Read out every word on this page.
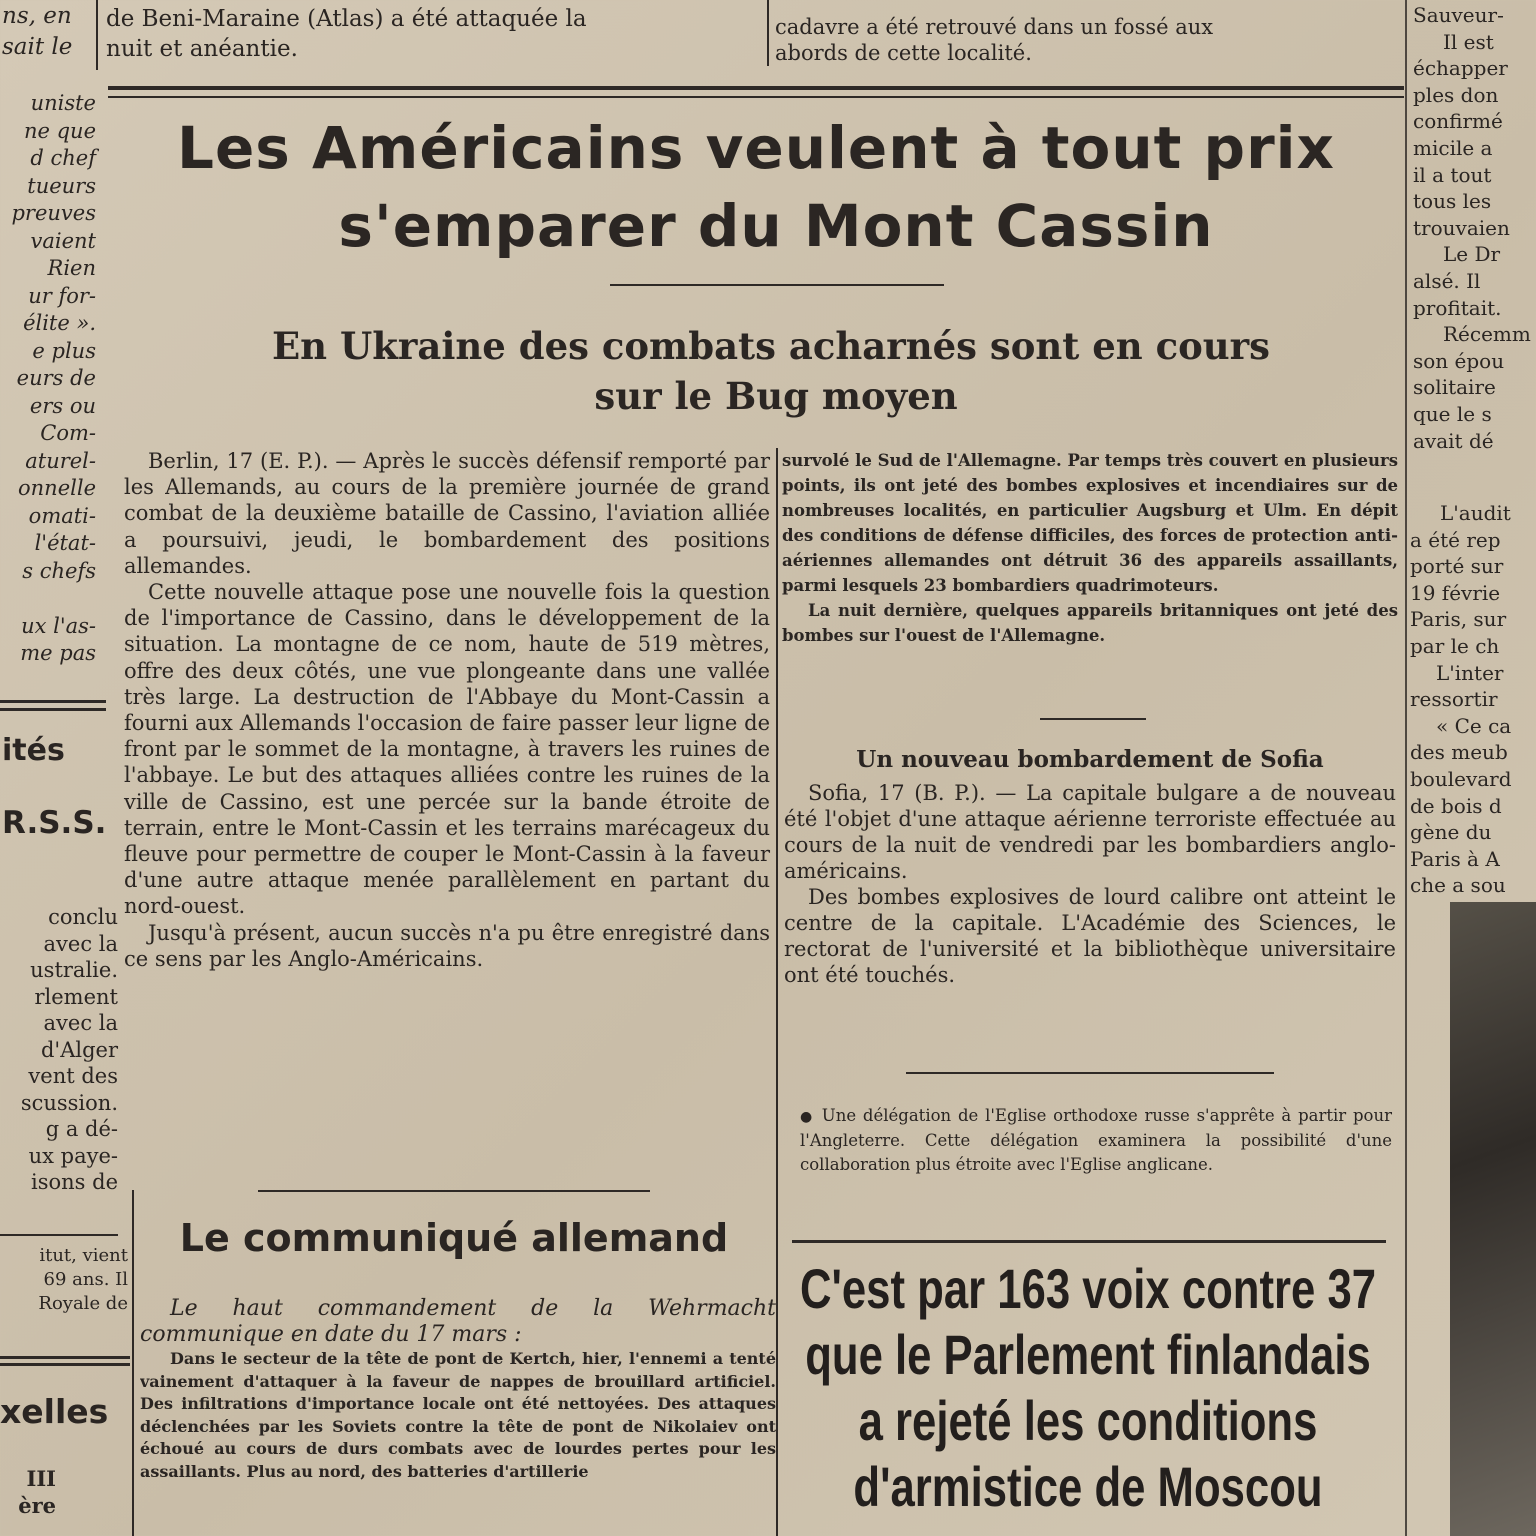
ns, en
sait le
de Beni-Maraine (Atlas) a été attaquée la
nuit et anéantie.
cadavre a été retrouvé dans un fossé aux
abords de cette localité.
uniste
ne que
d chef
tueurs
preuves
vaient
Rien
ur for-
élite ».
e plus
eurs de
ers ou
Com-
aturel-
onnelle
omati-
l'état-
s chefs

ux l'as-
me pas
ités
R.S.S.
conclu
avec la
ustralie.
rlement
avec la
d'Alger
vent des
scussion.
g a dé-
ux paye-
isons de
itut, vient
69 ans. Il
Royale de
xelles
III
ère
Sauveur-
Il est
échapper
ples don
confirmé
micile a
il a tout
tous les
trouvaien
Le Dr
alsé. Il
profitait.
Récemm
son épou
solitaire
que le s
avait dé
L'audit
a été rep
porté sur
19 févrie
Paris, sur
par le ch
L'inter
ressortir
« Ce ca
des meub
boulevard
de bois d
gène du
Paris à A
che a sou
Les Américains veulent à tout prix
s'emparer du Mont Cassin
En Ukraine des combats acharnés sont en cours
sur le Bug moyen

Berlin, 17 (E. P.). — Après le succès défensif remporté par les Allemands, au cours de la première journée de grand combat de la deuxième bataille de Cassino, l'aviation alliée a poursuivi, jeudi, le bombardement des positions allemandes.

Cette nouvelle attaque pose une nouvelle fois la question de l'importance de Cassino, dans le développement de la situation. La montagne de ce nom, haute de 519 mètres, offre des deux côtés, une vue plongeante dans une vallée très large. La destruction de l'Abbaye du Mont-Cassin a fourni aux Allemands l'occasion de faire passer leur ligne de front par le sommet de la montagne, à travers les ruines de l'abbaye. Le but des attaques alliées contre les ruines de la ville de Cassino, est une percée sur la bande étroite de terrain, entre le Mont-Cassin et les terrains marécageux du fleuve pour permettre de couper le Mont-Cassin à la faveur d'une autre attaque menée parallèlement en partant du nord-ouest.

Jusqu'à présent, aucun succès n'a pu être enregistré dans ce sens par les Anglo-Américains.

survolé le Sud de l'Allemagne. Par temps très couvert en plusieurs points, ils ont jeté des bombes explosives et incendiaires sur de nombreuses localités, en particulier Augsburg et Ulm. En dépit des conditions de défense difficiles, des forces de protection anti-aériennes allemandes ont détruit 36 des appareils assaillants, parmi lesquels 23 bombardiers quadrimoteurs.

La nuit dernière, quelques appareils britanniques ont jeté des bombes sur l'ouest de l'Allemagne.

Un nouveau bombardement de Sofia

Sofia, 17 (B. P.). — La capitale bulgare a de nouveau été l'objet d'une attaque aérienne terroriste effectuée au cours de la nuit de vendredi par les bombardiers anglo-américains.

Des bombes explosives de lourd calibre ont atteint le centre de la capitale. L'Académie des Sciences, le rectorat de l'université et la bibliothèque universitaire ont été touchés.

● Une délégation de l'Eglise orthodoxe russe s'apprête à partir pour l'Angleterre. Cette délégation examinera la possibilité d'une collaboration plus étroite avec l'Eglise anglicane.
C'est par 163 voix contre 37
que le Parlement finlandais
a rejeté les conditions
d'armistice de Moscou
Le communiqué allemand
Le haut commandement de la Wehrmacht communique en date du 17 mars :
Dans le secteur de la tête de pont de Kertch, hier, l'ennemi a tenté vainement d'attaquer à la faveur de nappes de brouillard artificiel. Des infiltrations d'importance locale ont été nettoyées. Des attaques déclenchées par les Soviets contre la tête de pont de Nikolaiev ont échoué au cours de durs combats avec de lourdes pertes pour les assaillants. Plus au nord, des batteries d'artillerie
